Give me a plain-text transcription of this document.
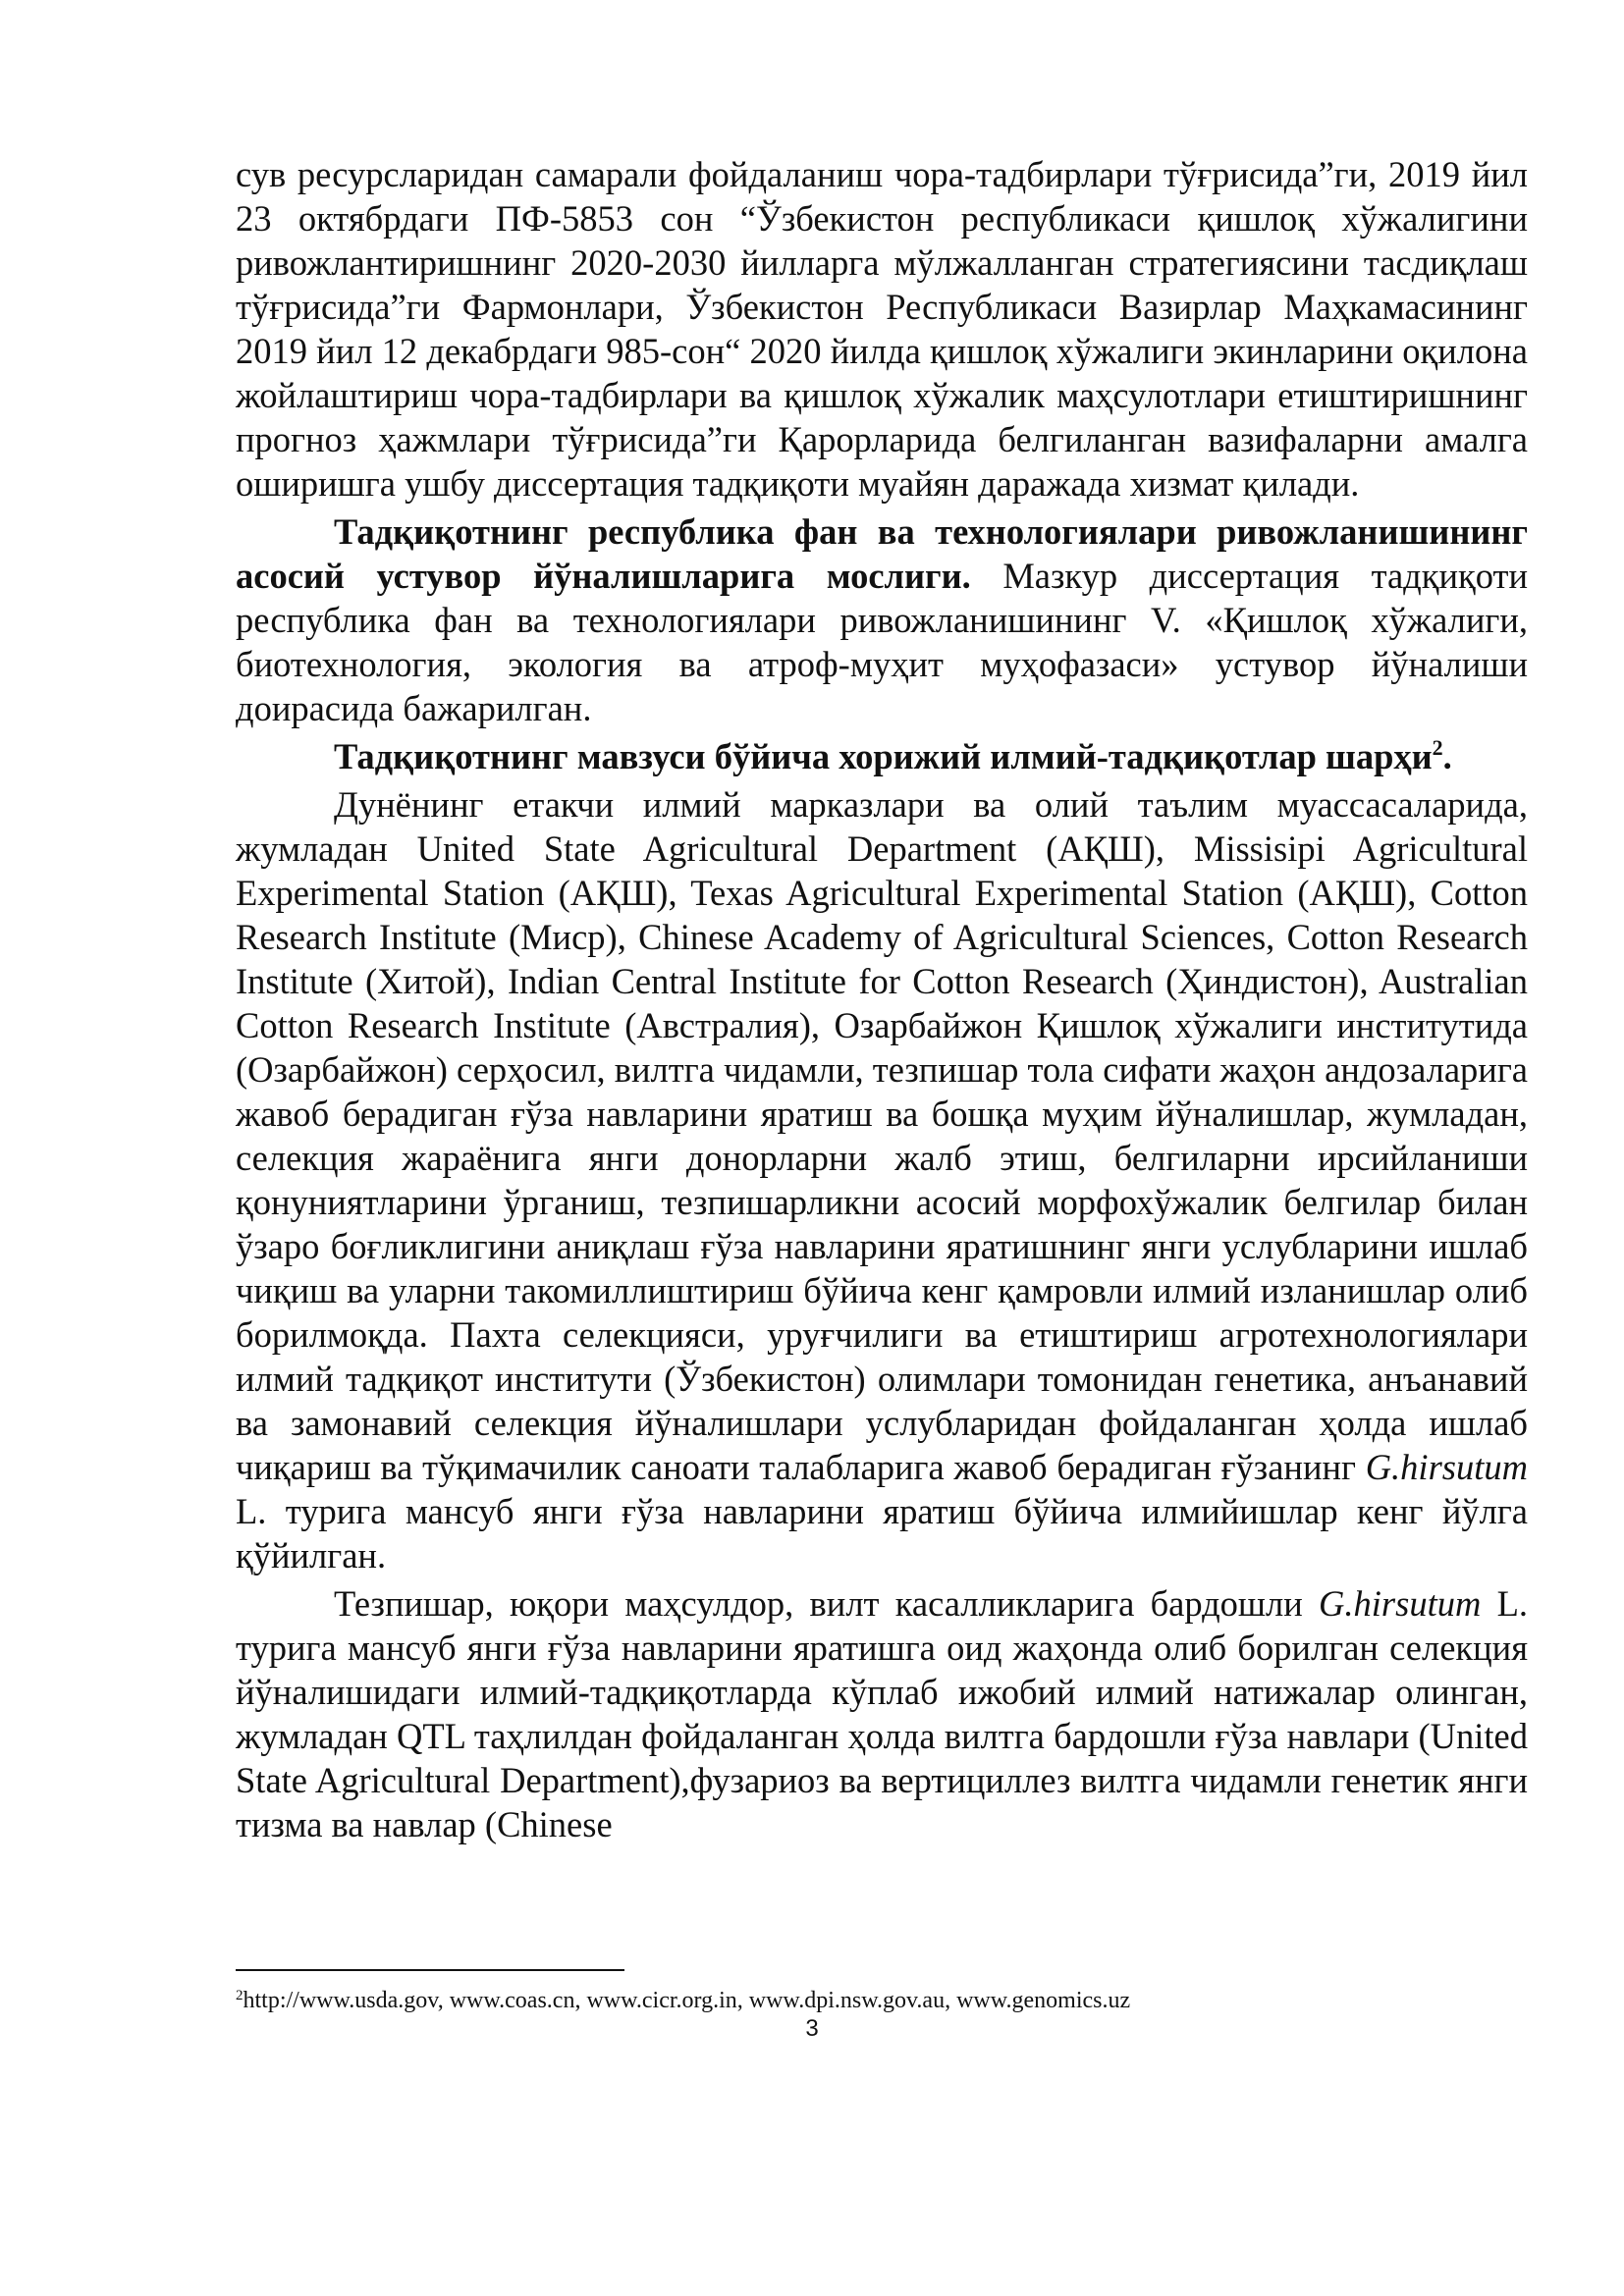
сув ресурсларидан самарали фойдаланиш чора-тадбирлари тўғрисида”ги, 2019 йил 23 октябрдаги ПФ-5853 сон “Ўзбекистон республикаси қишлоқ хўжалигини ривожлантиришнинг 2020-2030 йилларга мўлжалланган стратегиясини тасдиқлаш тўғрисида”ги Фармонлари, Ўзбекистон Республикаси Вазирлар Маҳкамасининг 2019 йил 12 декабрдаги 985-сон“ 2020 йилда қишлоқ хўжалиги экинларини оқилона жойлаштириш чора-тадбирлари ва қишлоқ хўжалик маҳсулотлари етиштиришнинг прогноз ҳажмлари тўғрисида”ги Қарорларида белгиланган вазифаларни амалга оширишга ушбу диссертация тадқиқоти муайян даражада хизмат қилади.

Тадқиқотнинг республика фан ва технологиялари ривожланишининг асосий устувор йўналишларига мослиги. Мазкур диссертация тадқиқоти республика фан ва технологиялари ривожланишининг V. «Қишлоқ хўжалиги, биотехнология, экология ва атроф-муҳит муҳофазаси» устувор йўналиши доирасида бажарилган.

Тадқиқотнинг мавзуси бўйича хорижий илмий-тадқиқотлар шарҳи$^2$.

Дунёнинг етакчи илмий марказлари ва олий таълим муассасаларида, жумладан United State Agricultural Department (АҚШ), Missisipi Agricultural Experimental Station (АҚШ), Texas Agricultural Experimental Station (АҚШ), Cotton Research Institute (Миср), Chinese Academy of Agricultural Sciences, Cotton Research Institute (Хитой), Indian Central Institute for Cotton Research (Ҳиндистон), Australian Cotton Research Institute (Австралия), Озарбайжон Қишлоқ хўжалиги институтида (Озарбайжон) серҳосил, вилтга чидамли, тезпишар тола сифати жаҳон андозаларига жавоб берадиган ғўза навларини яратиш ва бошқа муҳим йўналишлар, жумладан, селекция жараёнига янги донорларни жалб этиш, белгиларни ирсийланиши қонуниятларини ўрганиш, тезпишарликни асосий морфохўжалик белгилар билан ўзаро боғликлигини аниқлаш ғўза навларини яратишнинг янги услубларини ишлаб чиқиш ва уларни такомиллиштириш бўйича кенг қамровли илмий изланишлар олиб борилмоқда. Пахта селекцияси, уруғчилиги ва етиштириш агротехнологиялари илмий тадқиқот институти (Ўзбекистон) олимлари томонидан генетика, анъанавий ва замонавий селекция йўналишлари услубларидан фойдаланган ҳолда ишлаб чиқариш ва тўқимачилик саноати талабларига жавоб берадиган ғўзанинг G.hirsutum L. турига мансуб янги ғўза навларини яратиш бўйича илмийишлар кенг йўлга қўйилган.

Тезпишар, юқори маҳсулдор, вилт касалликларига бардошли G.hirsutum L. турига мансуб янги ғўза навларини яратишга оид жаҳонда олиб борилган селекция йўналишидаги илмий-тадқиқотларда кўплаб ижобий илмий натижалар олинган, жумладан QTL таҳлилдан фойдаланган ҳолда вилтга бардошли ғўза навлари (United State Agricultural Department),фузариоз ва вертициллез вилтга чидамли генетик янги тизма ва навлар (Chinese

$^2$http://www.usda.gov, www.coas.cn, www.cicr.org.in, www.dpi.nsw.gov.au, www.genomics.uz
3
